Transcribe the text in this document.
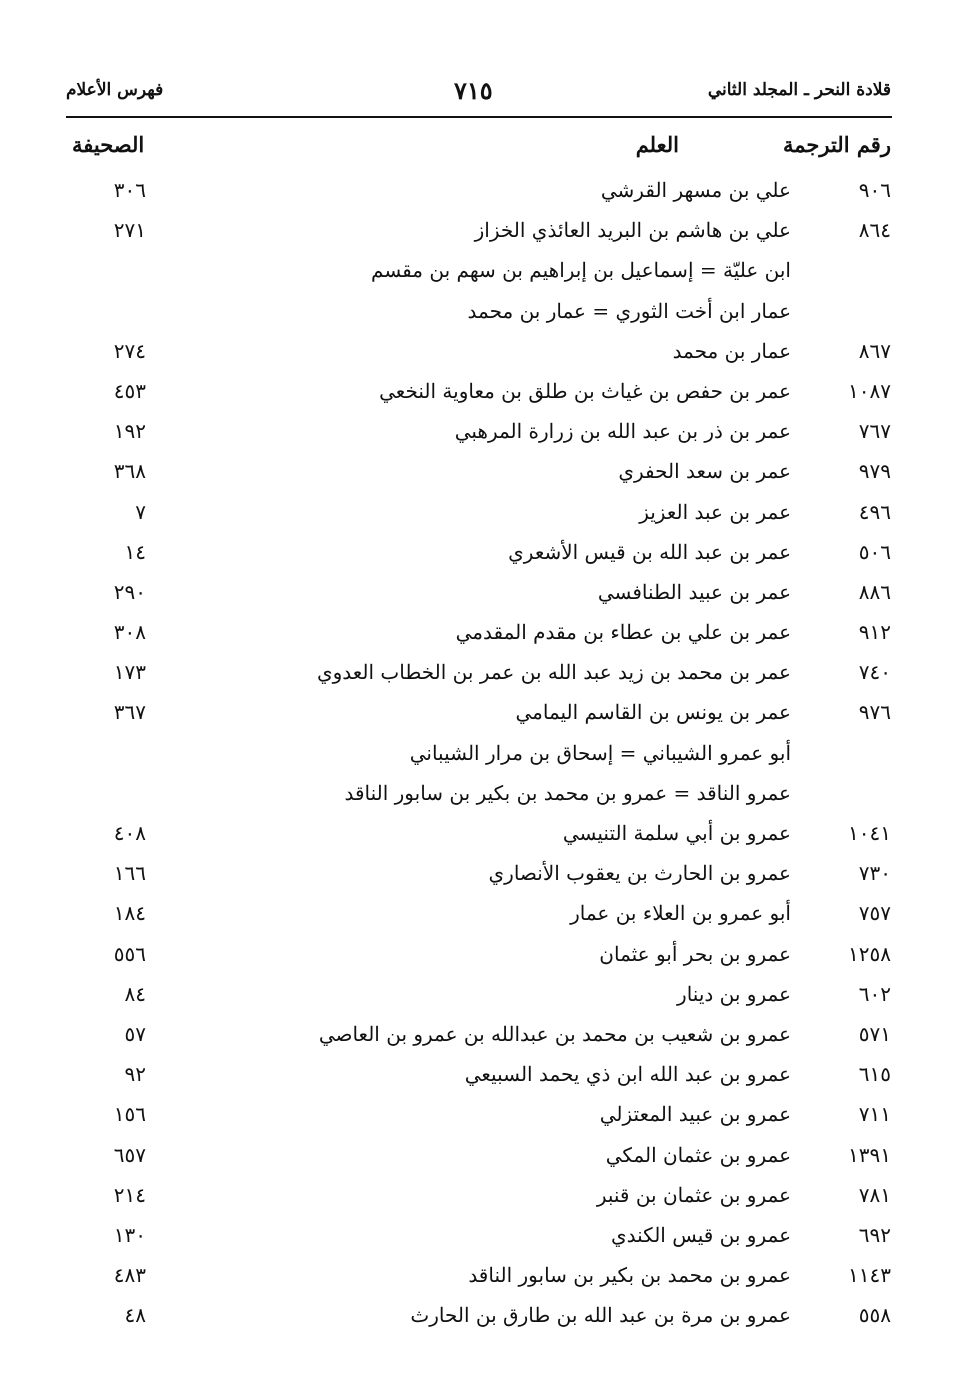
قلادة النحر ـ المجلد الثاني
٧١٥
فهرس الأعلام
رقم الترجمة
العلم
الصحيفة
٩٠٦
علي بن مسهر القرشي
٣٠٦
٨٦٤
علي بن هاشم بن البريد العائذي الخزاز
٢٧١
ابن عليّة = إسماعيل بن إبراهيم بن سهم بن مقسم
عمار ابن أخت الثوري = عمار بن محمد
٨٦٧
عمار بن محمد
٢٧٤
١٠٨٧
عمر بن حفص بن غياث بن طلق بن معاوية النخعي
٤٥٣
٧٦٧
عمر بن ذر بن عبد الله بن زرارة المرهبي
١٩٢
٩٧٩
عمر بن سعد الحفري
٣٦٨
٤٩٦
عمر بن عبد العزيز
٧
٥٠٦
عمر بن عبد الله بن قيس الأشعري
١٤
٨٨٦
عمر بن عبيد الطنافسي
٢٩٠
٩١٢
عمر بن علي بن عطاء بن مقدم المقدمي
٣٠٨
٧٤٠
عمر بن محمد بن زيد عبد الله بن عمر بن الخطاب العدوي
١٧٣
٩٧٦
عمر بن يونس بن القاسم اليمامي
٣٦٧
أبو عمرو الشيباني = إسحاق بن مرار الشيباني
عمرو الناقد = عمرو بن محمد بن بكير بن سابور الناقد
١٠٤١
عمرو بن أبي سلمة التنيسي
٤٠٨
٧٣٠
عمرو بن الحارث بن يعقوب الأنصاري
١٦٦
٧٥٧
أبو عمرو بن العلاء بن عمار
١٨٤
١٢٥٨
عمرو بن بحر أبو عثمان
٥٥٦
٦٠٢
عمرو بن دينار
٨٤
٥٧١
عمرو بن شعيب بن محمد بن عبدالله بن عمرو بن العاصي
٥٧
٦١٥
عمرو بن عبد الله ابن ذي يحمد السبيعي
٩٢
٧١١
عمرو بن عبيد المعتزلي
١٥٦
١٣٩١
عمرو بن عثمان المكي
٦٥٧
٧٨١
عمرو بن عثمان بن قنبر
٢١٤
٦٩٢
عمرو بن قيس الكندي
١٣٠
١١٤٣
عمرو بن محمد بن بكير بن سابور الناقد
٤٨٣
٥٥٨
عمرو بن مرة بن عبد الله بن طارق بن الحارث
٤٨
